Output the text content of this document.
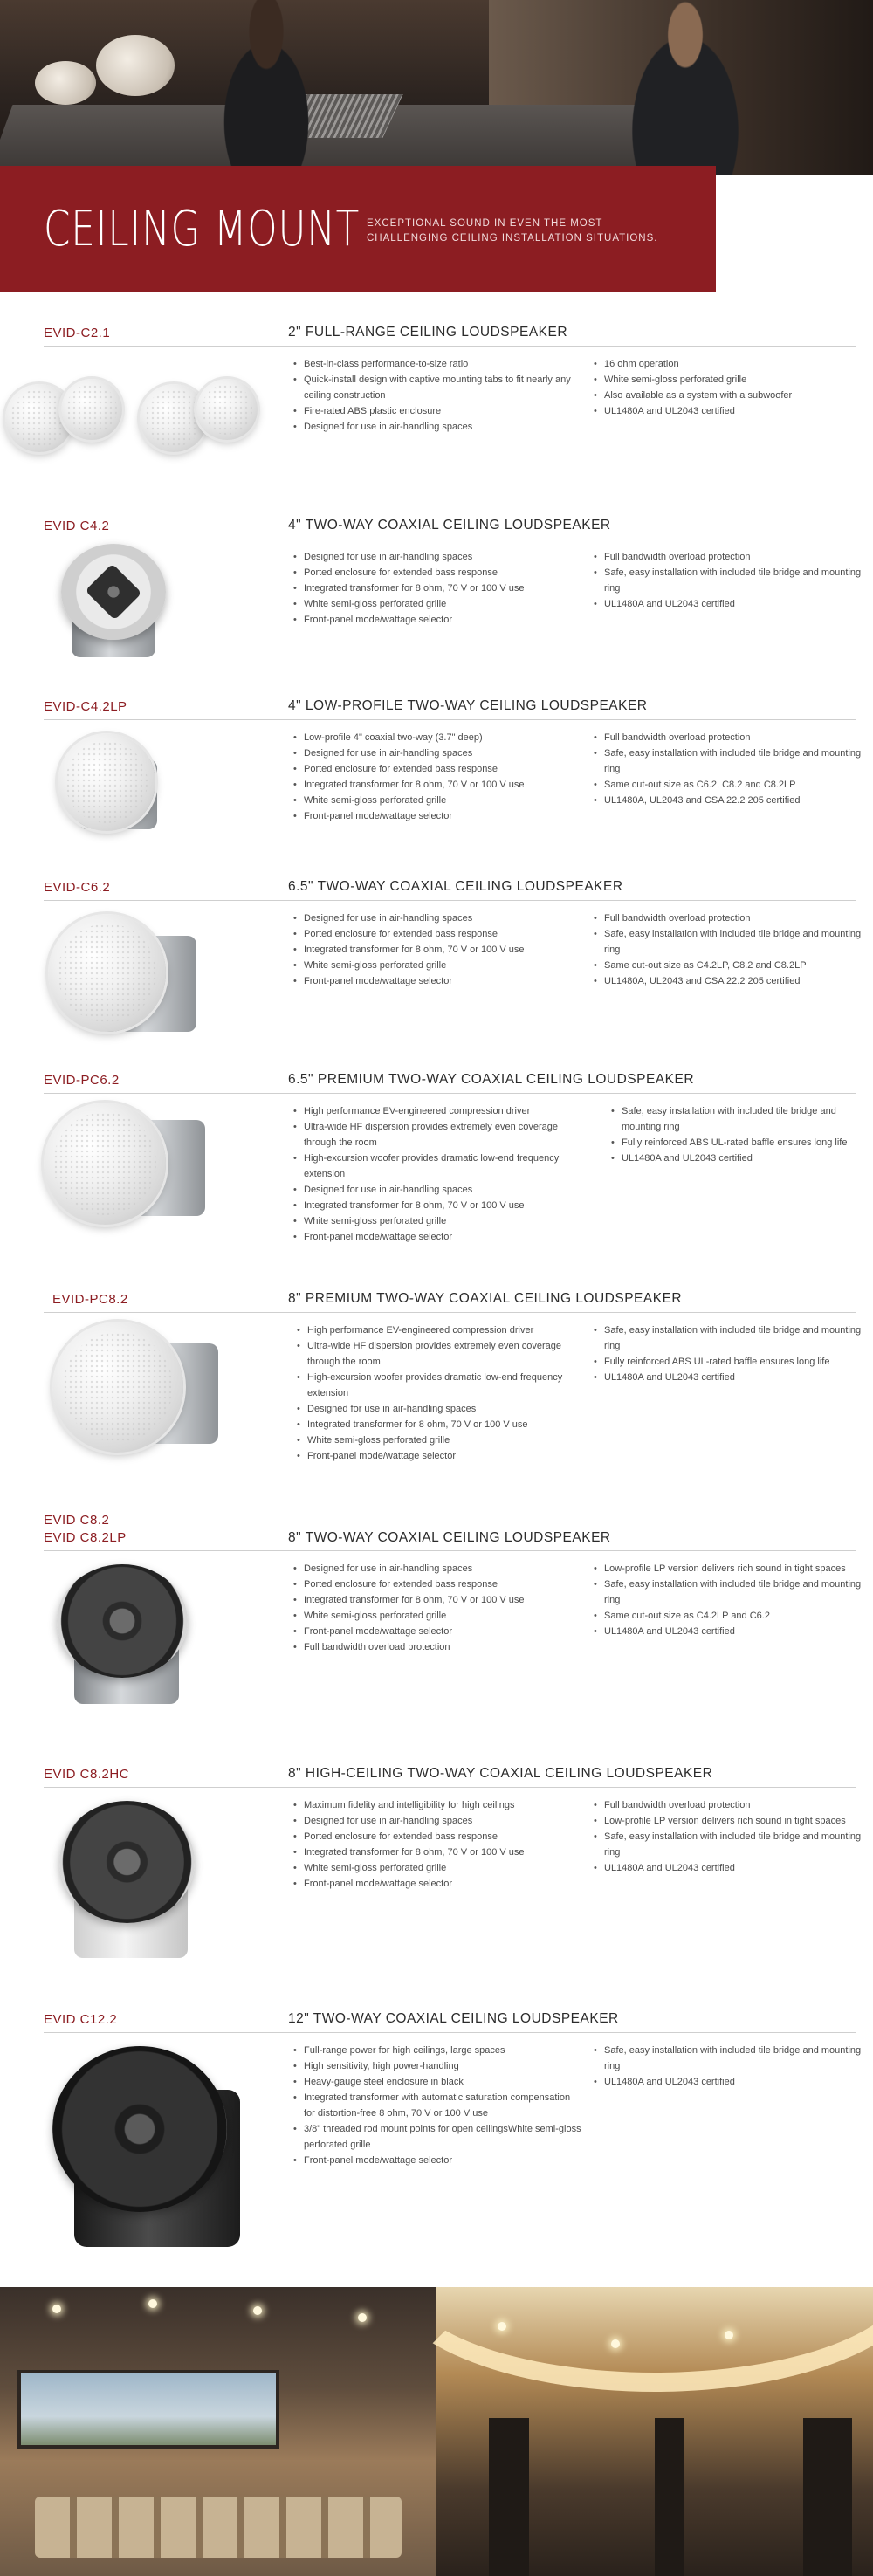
CEILING MOUNT EXCEPTIONAL SOUND IN EVEN THE MOST CHALLENGING CEILING INSTALLATION SITUATIONS.
EVID-C2.1	2" FULL-RANGE CEILING LOUDSPEAKER
• Best-in-class performance-to-size ratio
• Quick-install design with captive mounting tabs to fit nearly any ceiling construction
• Fire-rated ABS plastic enclosure
• Designed for use in air-handling spaces
• 16 ohm operation
• White semi-gloss perforated grille
• Also available as a system with a subwoofer
• UL1480A and UL2043 certified
EVID C4.2	4" TWO-WAY COAXIAL CEILING LOUDSPEAKER
• Designed for use in air-handling spaces
• Ported enclosure for extended bass response
• Integrated transformer for 8 ohm, 70 V or 100 V use
• White semi-gloss perforated grille
• Front-panel mode/wattage selector
• Full bandwidth overload protection
• Safe, easy installation with included tile bridge and mounting ring
• UL1480A and UL2043 certified
EVID-C4.2LP	4" LOW-PROFILE TWO-WAY CEILING LOUDSPEAKER
• Low-profile 4" coaxial two-way (3.7" deep)
• Designed for use in air-handling spaces
• Ported enclosure for extended bass response
• Integrated transformer for 8 ohm, 70 V or 100 V use
• White semi-gloss perforated grille
• Front-panel mode/wattage selector
• Full bandwidth overload protection
• Safe, easy installation with included tile bridge and mounting ring
• Same cut-out size as C6.2, C8.2 and C8.2LP
• UL1480A, UL2043 and CSA 22.2 205 certified
EVID-C6.2	6.5" TWO-WAY COAXIAL CEILING LOUDSPEAKER
• Designed for use in air-handling spaces
• Ported enclosure for extended bass response
• Integrated transformer for 8 ohm, 70 V or 100 V use
• White semi-gloss perforated grille
• Front-panel mode/wattage selector
• Full bandwidth overload protection
• Safe, easy installation with included tile bridge and mounting ring
• Same cut-out size as C4.2LP, C8.2 and C8.2LP
• UL1480A, UL2043 and CSA 22.2 205 certified
EVID-PC6.2	6.5" PREMIUM TWO-WAY COAXIAL CEILING LOUDSPEAKER
• High performance EV-engineered compression driver
• Ultra-wide HF dispersion provides extremely even coverage through the room
• High-excursion woofer provides dramatic low-end frequency extension
• Designed for use in air-handling spaces
• Integrated transformer for 8 ohm, 70 V or 100 V use
• White semi-gloss perforated grille
• Front-panel mode/wattage selector
• Safe, easy installation with included tile bridge and mounting ring
• Fully reinforced ABS UL-rated baffle ensures long life
• UL1480A and UL2043 certified
EVID-PC8.2	8" PREMIUM TWO-WAY COAXIAL CEILING LOUDSPEAKER
• High performance EV-engineered compression driver
• Ultra-wide HF dispersion provides extremely even coverage through the room
• High-excursion woofer provides dramatic low-end frequency extension
• Designed for use in air-handling spaces
• Integrated transformer for 8 ohm, 70 V or 100 V use
• White semi-gloss perforated grille
• Front-panel mode/wattage selector
• Safe, easy installation with included tile bridge and mounting ring
• Fully reinforced ABS UL-rated baffle ensures long life
• UL1480A and UL2043 certified
EVID C8.2
EVID C8.2LP	8" TWO-WAY COAXIAL CEILING LOUDSPEAKER
• Designed for use in air-handling spaces
• Ported enclosure for extended bass response
• Integrated transformer for 8 ohm, 70 V or 100 V use
• White semi-gloss perforated grille
• Front-panel mode/wattage selector
• Full bandwidth overload protection
• Low-profile LP version delivers rich sound in tight spaces
• Safe, easy installation with included tile bridge and mounting ring
• Same cut-out size as C4.2LP and C6.2
• UL1480A and UL2043 certified
EVID C8.2HC	8" HIGH-CEILING TWO-WAY COAXIAL CEILING LOUDSPEAKER
• Maximum fidelity and intelligibility for high ceilings
• Designed for use in air-handling spaces
• Ported enclosure for extended bass response
• Integrated transformer for 8 ohm, 70 V or 100 V use
• White semi-gloss perforated grille
• Front-panel mode/wattage selector
• Full bandwidth overload protection
• Low-profile LP version delivers rich sound in tight spaces
• Safe, easy installation with included tile bridge and mounting ring
• UL1480A and UL2043 certified
EVID C12.2	12" TWO-WAY COAXIAL CEILING LOUDSPEAKER
• Full-range power for high ceilings, large spaces
• High sensitivity, high power-handling
• Heavy-gauge steel enclosure in black
• Integrated transformer with automatic saturation compensation for distortion-free 8 ohm, 70 V or 100 V use
• 3/8" threaded rod mount points for open ceilingsWhite semi-gloss perforated grille
• Front-panel mode/wattage selector
• Safe, easy installation with included tile bridge and mounting ring
• UL1480A and UL2043 certified
